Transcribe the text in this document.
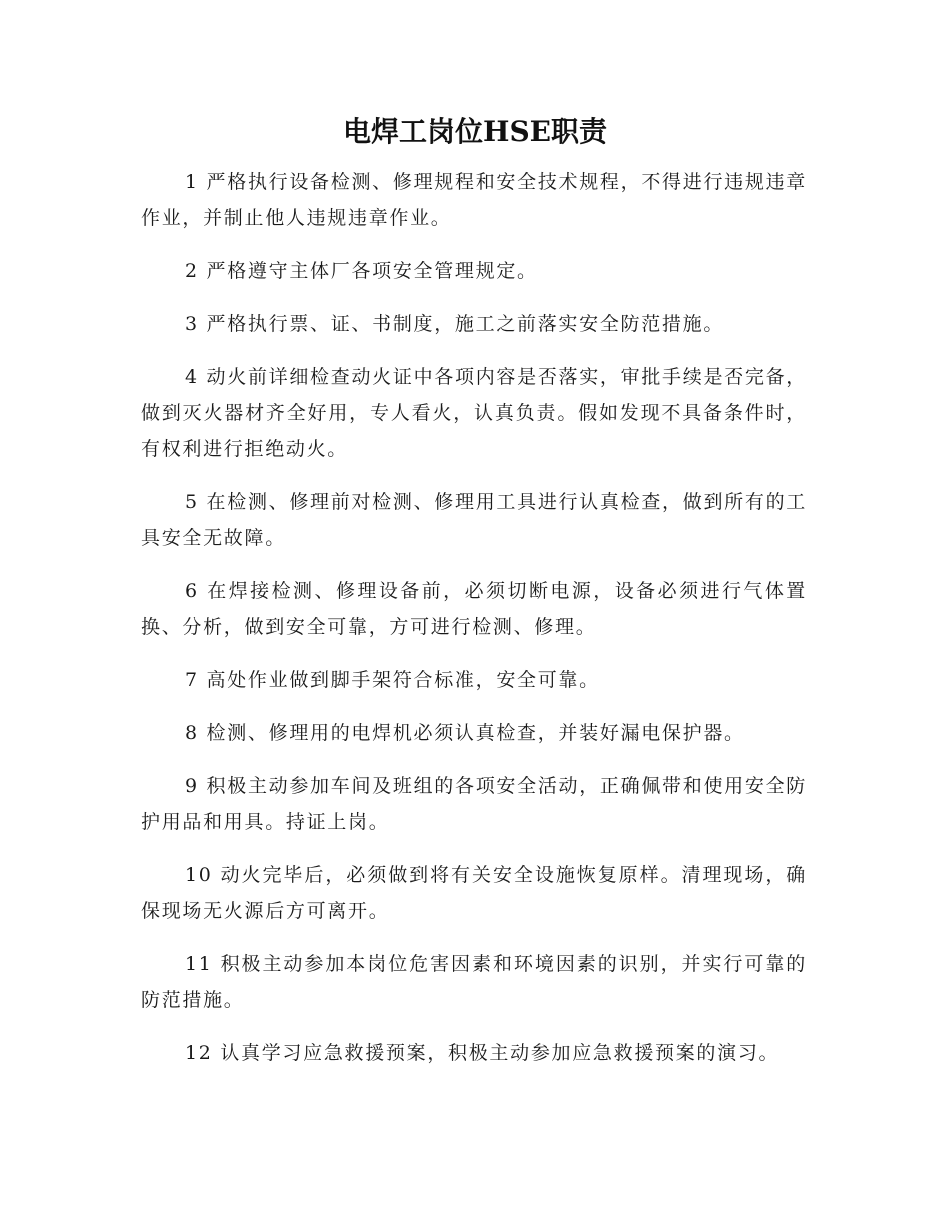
电焊工岗位HSE职责

1 严格执行设备检测、修理规程和安全技术规程，不得进行违规违章作业，并制止他人违规违章作业。

2 严格遵守主体厂各项安全管理规定。

3 严格执行票、证、书制度，施工之前落实安全防范措施。

4 动火前详细检查动火证中各项内容是否落实，审批手续是否完备，做到灭火器材齐全好用，专人看火，认真负责。假如发现不具备条件时，有权利进行拒绝动火。

5 在检测、修理前对检测、修理用工具进行认真检查，做到所有的工具安全无故障。

6 在焊接检测、修理设备前，必须切断电源，设备必须进行气体置换、分析，做到安全可靠，方可进行检测、修理。

7 高处作业做到脚手架符合标准，安全可靠。

8 检测、修理用的电焊机必须认真检查，并装好漏电保护器。

9 积极主动参加车间及班组的各项安全活动，正确佩带和使用安全防护用品和用具。持证上岗。

10 动火完毕后，必须做到将有关安全设施恢复原样。清理现场，确保现场无火源后方可离开。

11 积极主动参加本岗位危害因素和环境因素的识别，并实行可靠的防范措施。

12 认真学习应急救援预案，积极主动参加应急救援预案的演习。
